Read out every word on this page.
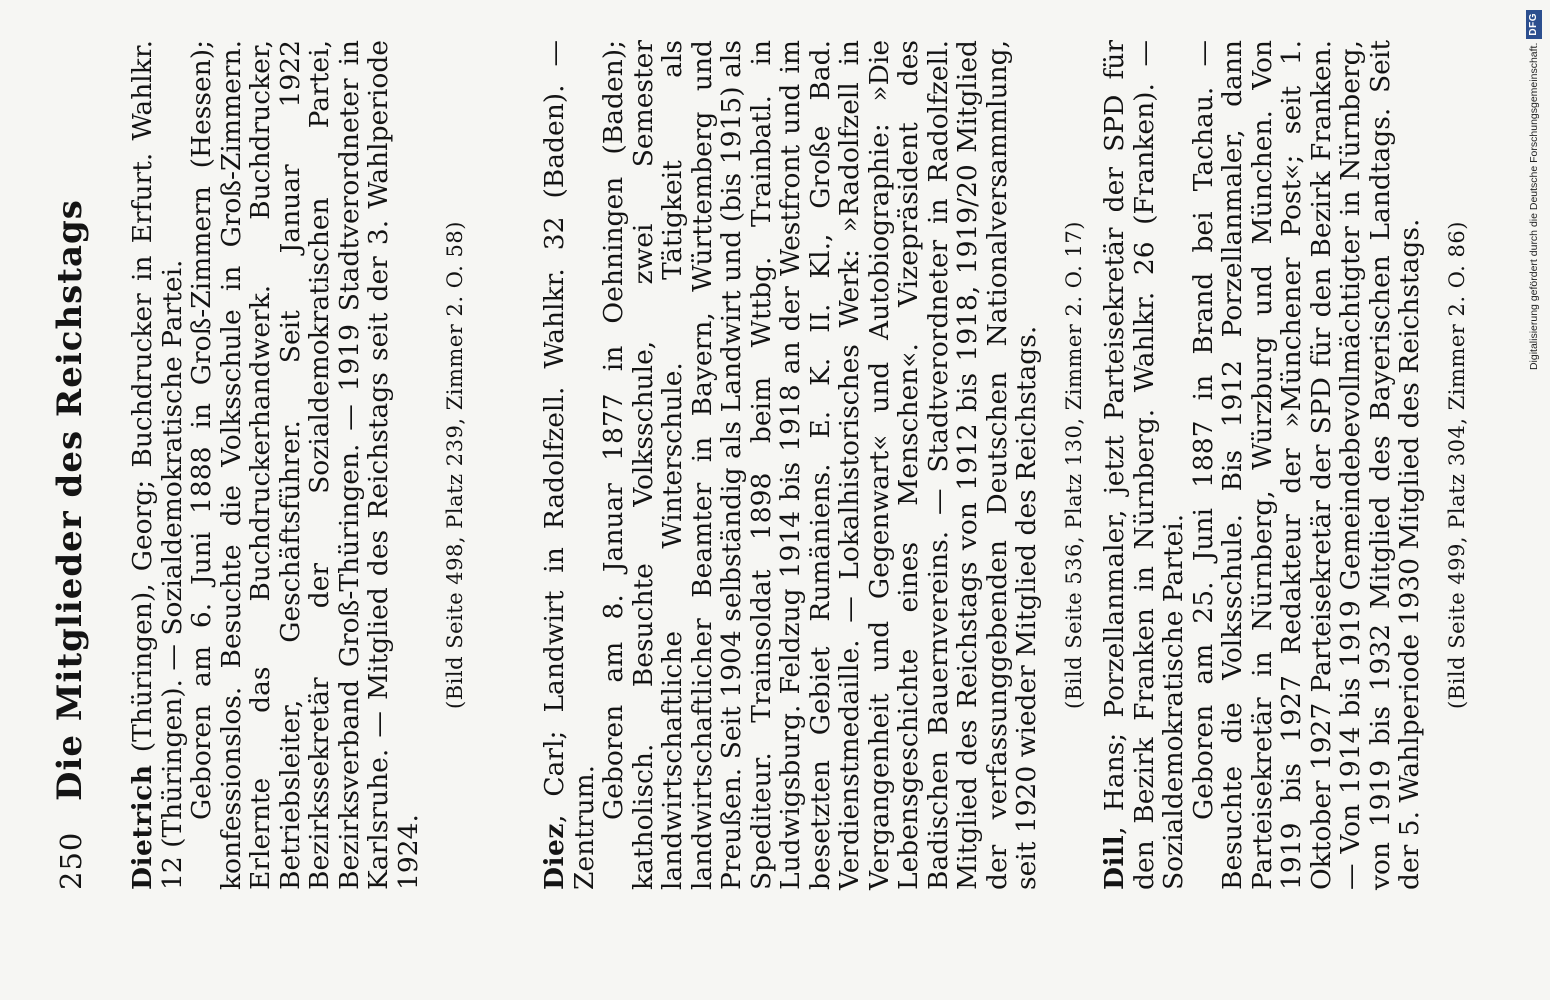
250
Die Mitglieder des Reichstags

Dietrich (Thüringen), Georg; Buchdrucker in Erfurt. Wahlkr. 12 (Thüringen). — Sozialdemokratische Partei.

Geboren am 6. Juni 1888 in Groß-Zimmern (Hessen); konfessionslos. Besuchte die Volksschule in Groß-Zimmern. Erlernte das Buchdruckerhandwerk. Buchdrucker, Betriebsleiter, Geschäftsführer. Seit Januar 1922 Bezirkssekretär der Sozialdemokratischen Partei, Bezirksverband Groß-Thüringen. — 1919 Stadtverordneter in Karlsruhe. — Mitglied des Reichstags seit der 3. Wahlperiode 1924.

(Bild Seite 498, Platz 239, Zimmer 2. O. 58)

Diez, Carl; Landwirt in Radolfzell. Wahlkr. 32 (Baden). — Zentrum.

Geboren am 8. Januar 1877 in Oehningen (Baden); katholisch. Besuchte Volksschule, zwei Semester landwirtschaftliche Winterschule. Tätigkeit als landwirtschaftlicher Beamter in Bayern, Württemberg und Preußen. Seit 1904 selbständig als Landwirt und (bis 1915) als Spediteur. Trainsoldat 1898 beim Wttbg. Trainbatl. in Ludwigsburg. Feldzug 1914 bis 1918 an der Westfront und im besetzten Gebiet Rumäniens. E. K. II. Kl., Große Bad. Verdienstmedaille. — Lokalhistorisches Werk: »Radolfzell in Vergangenheit und Gegenwart« und Autobiographie: »Die Lebensgeschichte eines Menschen«. Vizepräsident des Badischen Bauernvereins. — Stadtverordneter in Radolfzell. Mitglied des Reichstags von 1912 bis 1918, 1919/20 Mitglied der verfassunggebenden Deutschen Nationalversammlung, seit 1920 wieder Mitglied des Reichstags. (Bild Seite 536, Platz 130, Zimmer 2. O. 17)

Dill, Hans; Porzellanmaler, jetzt Parteisekretär der SPD für den Bezirk Franken in Nürnberg. Wahlkr. 26 (Franken). — Sozialdemokratische Partei.

Geboren am 25. Juni 1887 in Brand bei Tachau. — Besuchte die Volksschule. Bis 1912 Porzellanmaler, dann Parteisekretär in Nürnberg, Würzburg und München. Von 1919 bis 1927 Redakteur der »Münchener Post«; seit 1. Oktober 1927 Parteisekretär der SPD für den Bezirk Franken. — Von 1914 bis 1919 Gemeindebevollmächtigter in Nürnberg, von 1919 bis 1932 Mitglied des Bayerischen Landtags. Seit der 5. Wahlperiode 1930 Mitglied des Reichstags. (Bild Seite 499, Platz 304, Zimmer 2. O. 86)

Digitalisierung gefördert durch die Deutsche Forschungsgemeinschaft.
DFG
